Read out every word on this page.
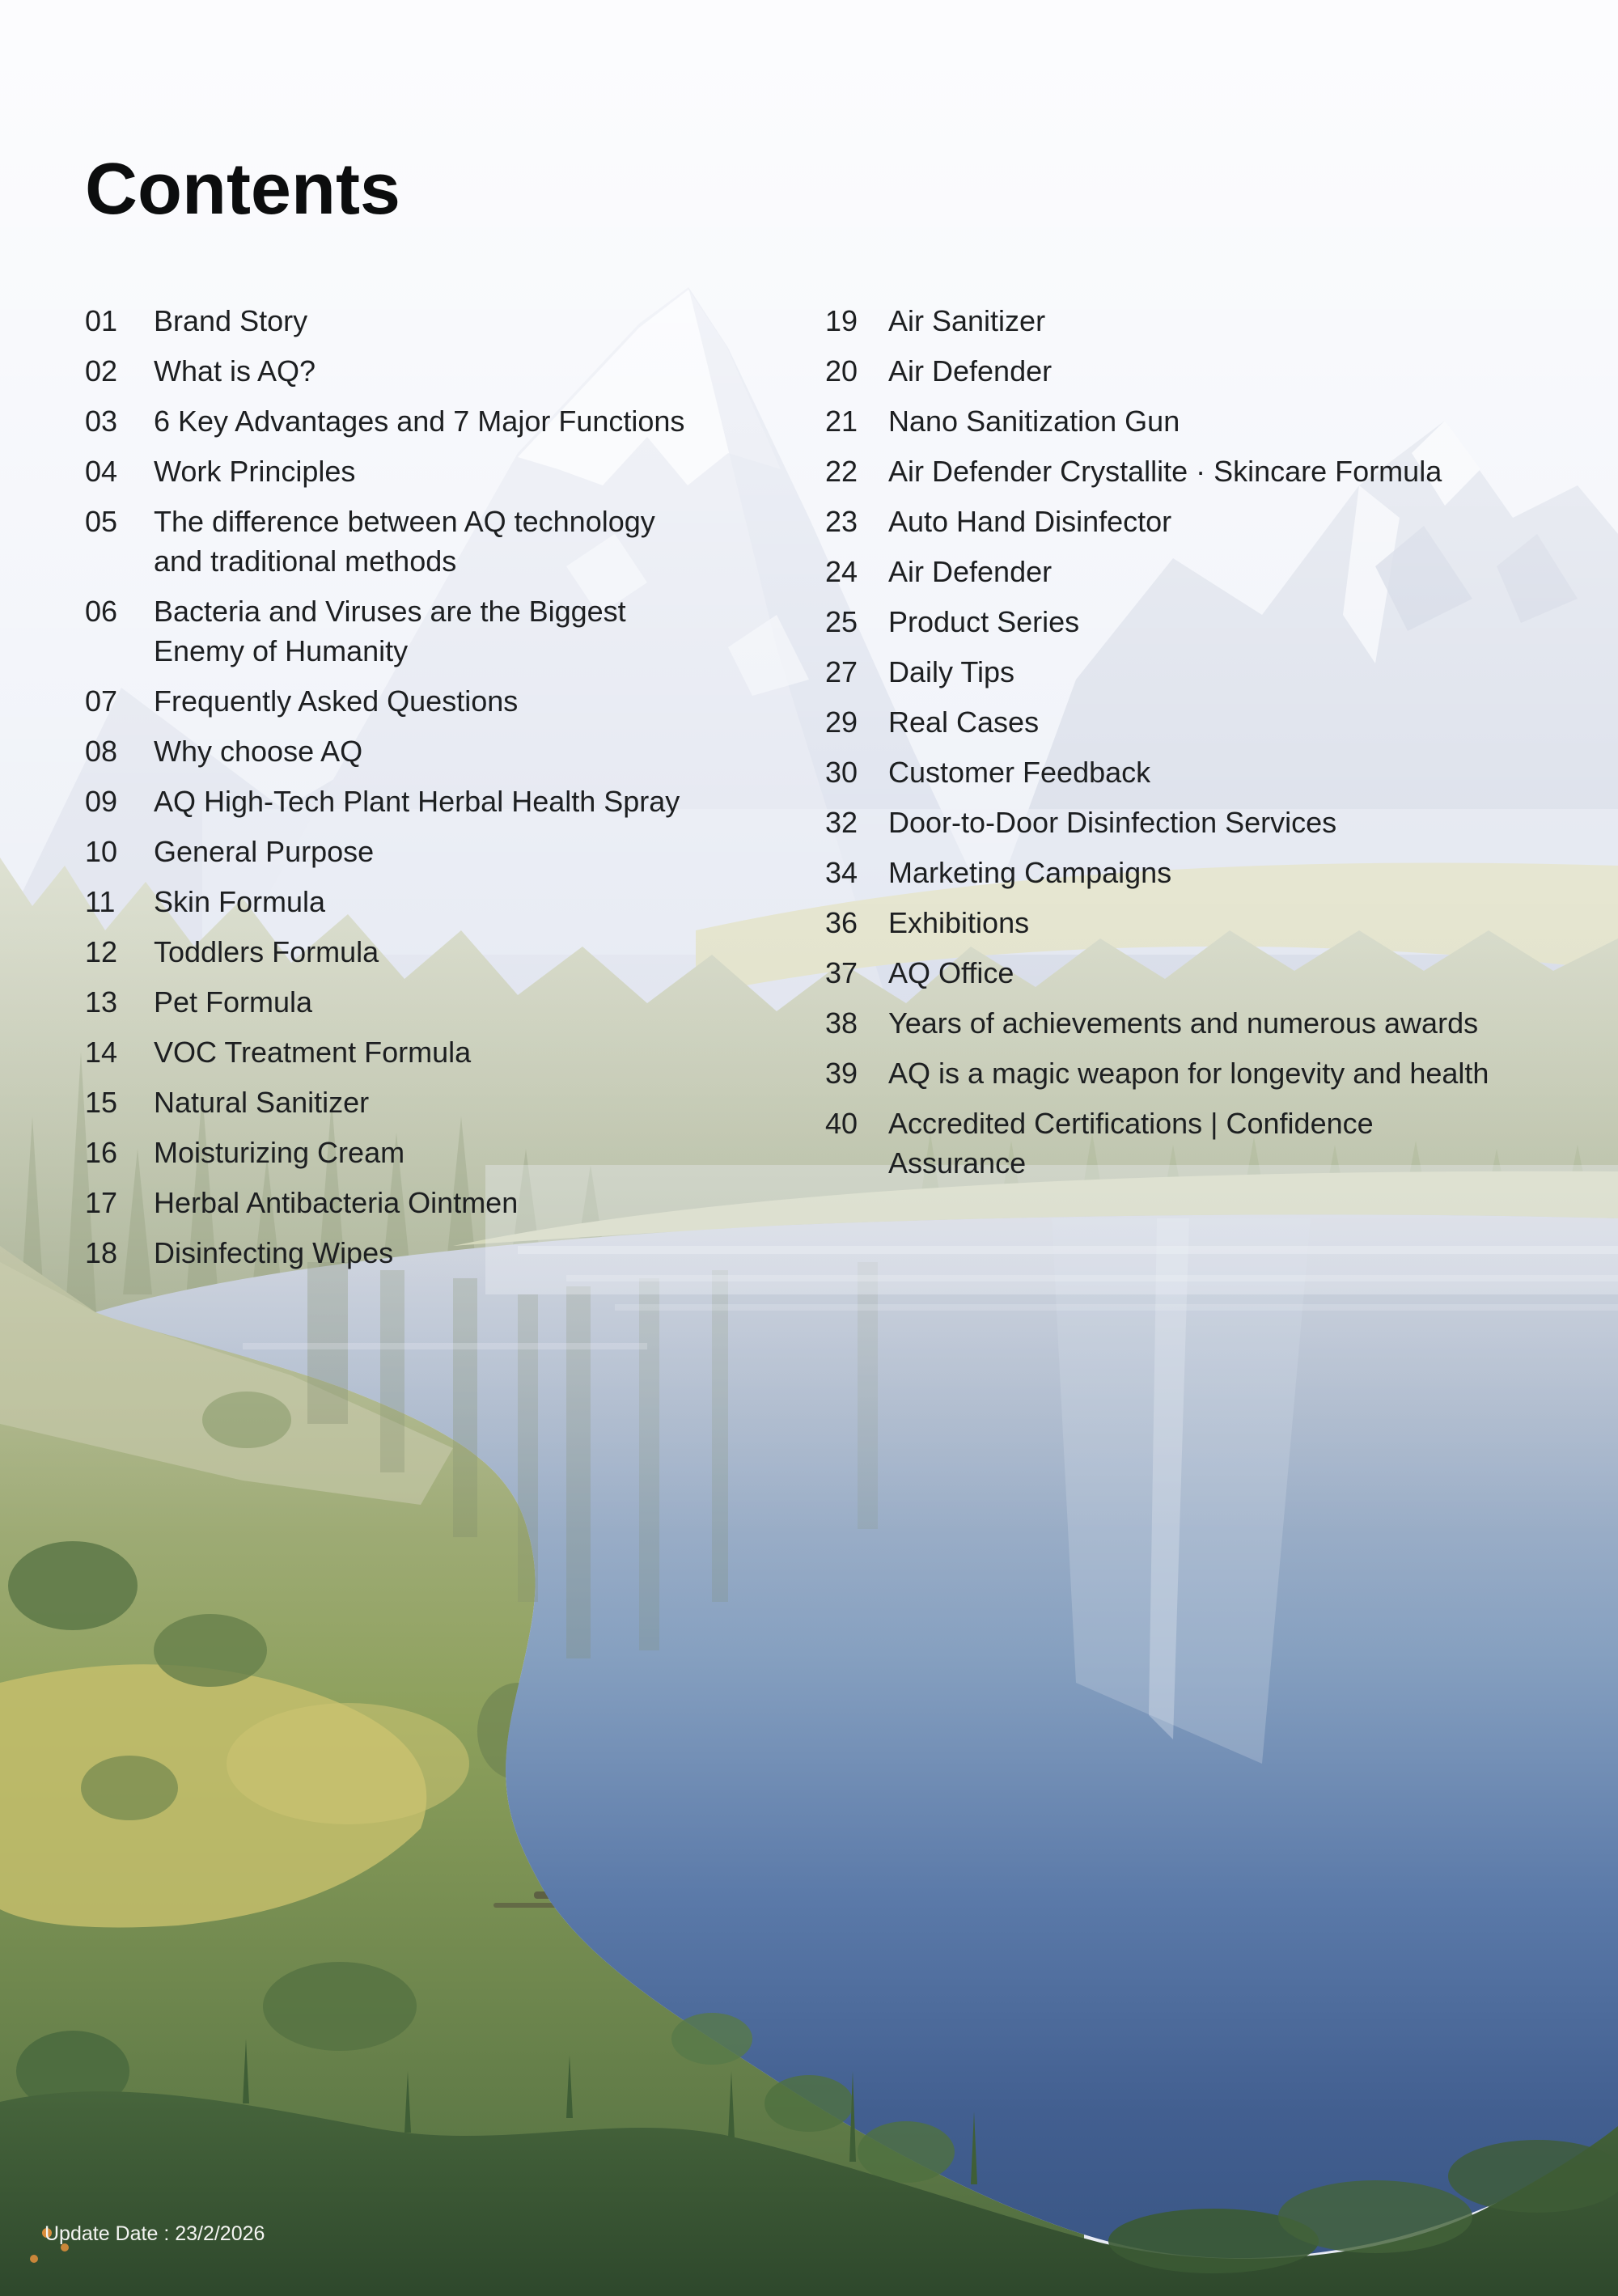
Contents
01 Brand Story
02 What is AQ?
03 6 Key Advantages and 7 Major Functions
04 Work Principles
05 The difference between AQ technology
and traditional methods
06 Bacteria and Viruses are the Biggest
Enemy of Humanity
07 Frequently Asked Questions
08 Why choose AQ
09 AQ High-Tech Plant Herbal Health Spray
10 General Purpose
11	Skin Formula
12 Toddlers Formula
13 Pet Formula
14 VOC Treatment Formula
15 Natural Sanitizer
16 Moisturizing Cream
17 Herbal Antibacteria Ointmen
18 Disinfecting Wipes
19 Air Sanitizer
20 Air Defender
21 Nano Sanitization Gun
22 Air Defender Crystallite · Skincare Formula
23 Auto Hand Disinfector
24 Air Defender
25 Product Series
27 Daily Tips
29 Real Cases
30 Customer Feedback
32 Door-to-Door Disinfection Services
34 Marketing Campaigns
36 Exhibitions
37 AQ Office
38 Years of achievements and numerous awards
39 AQ is a magic weapon for longevity and health
40 Accredited Certifications | Confidence
Assurance
Update Date : 23/2/2026
